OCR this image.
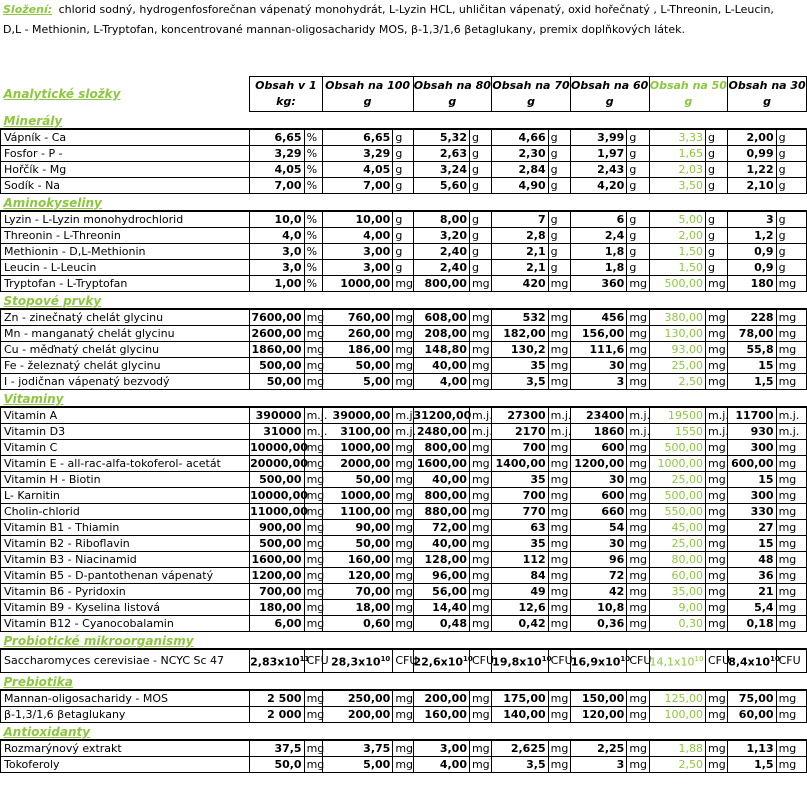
Složení: chlorid sodný, hydrogenfosforečnan vápenatý monohydrát, L-Lyzin HCL, uhličitan vápenatý, oxid hořečnatý , L-Threonin, L-Leucin,
D,L - Methionin, L-Tryptofan, koncentrované mannan-oligosacharidy MOS, β-1,3/1,6 βetaglukany, premix doplňkových látek.
Analytické složky	Obsah v 1 kg:		Obsah na 100 g		Obsah na 80 g		Obsah na 70 g		Obsah na 60 g		Obsah na 50 g		Obsah na 30 g	
Minerály														
Vápník - Ca	6,65	%	6,65	g	5,32	g	4,66	g	3,99	g	3,33	g	2,00	g
Fosfor - P -	3,29	%	3,29	g	2,63	g	2,30	g	1,97	g	1,65	g	0,99	g
Hořčík - Mg	4,05	%	4,05	g	3,24	g	2,84	g	2,43	g	2,03	g	1,22	g
Sodík - Na	7,00	%	7,00	g	5,60	g	4,90	g	4,20	g	3,50	g	2,10	g
Aminokyseliny														
Lyzin - L-Lyzin monohydrochlorid	10,0	%	10,00	g	8,00	g	7	g	6	g	5,00	g	3	g
Threonin - L-Threonin	4,0	%	4,00	g	3,20	g	2,8	g	2,4	g	2,00	g	1,2	g
Methionin - D,L-Methionin	3,0	%	3,00	g	2,40	g	2,1	g	1,8	g	1,50	g	0,9	g
Leucin - L-Leucin	3,0	%	3,00	g	2,40	g	2,1	g	1,8	g	1,50	g	0,9	g
Tryptofan - L-Tryptofan	1,00	%	1000,00	mg	800,00	mg	420	mg	360	mg	500,00	mg	180	mg
Stopové prvky														
Zn - zinečnatý chelát glycinu	7600,00	mg	760,00	mg	608,00	mg	532	mg	456	mg	380,00	mg	228	mg
Mn - manganatý chelát glycinu	2600,00	mg	260,00	mg	208,00	mg	182,00	mg	156,00	mg	130,00	mg	78,00	mg
Cu - měďnatý chelát glycinu	1860,00	mg	186,00	mg	148,80	mg	130,2	mg	111,6	mg	93,00	mg	55,8	mg
Fe - železnatý chelát glycinu	500,00	mg	50,00	mg	40,00	mg	35	mg	30	mg	25,00	mg	15	mg
I - jodičnan vápenatý bezvodý	50,00	mg	5,00	mg	4,00	mg	3,5	mg	3	mg	2,50	mg	1,5	mg
Vitaminy														
Vitamin A	390000	m.j.	39000,00	m.j.	31200,00	m.j.	27300	m.j.	23400	m.j.	19500	m.j.	11700	m.j.
Vitamin D3	31000	m.j.	3100,00	m.j.	2480,00	m.j.	2170	m.j.	1860	m.j.	1550	m.j.	930	m.j.
Vitamin C	10000,00	mg	1000,00	mg	800,00	mg	700	mg	600	mg	500,00	mg	300	mg
Vitamin E - all-rac-alfa-tokoferol- acetát	20000,00	mg	2000,00	mg	1600,00	mg	1400,00	mg	1200,00	mg	1000,00	mg	600,00	mg
Vitamin H - Biotin	500,00	mg	50,00	mg	40,00	mg	35	mg	30	mg	25,00	mg	15	mg
L- Karnitin	10000,00	mg	1000,00	mg	800,00	mg	700	mg	600	mg	500,00	mg	300	mg
Cholin-chlorid	11000,00	mg	1100,00	mg	880,00	mg	770	mg	660	mg	550,00	mg	330	mg
Vitamin B1 - Thiamin	900,00	mg	90,00	mg	72,00	mg	63	mg	54	mg	45,00	mg	27	mg
Vitamin B2 - Riboflavin	500,00	mg	50,00	mg	40,00	mg	35	mg	30	mg	25,00	mg	15	mg
Vitamin B3 - Niacinamid	1600,00	mg	160,00	mg	128,00	mg	112	mg	96	mg	80,00	mg	48	mg
Vitamin B5 - D-pantothenan vápenatý	1200,00	mg	120,00	mg	96,00	mg	84	mg	72	mg	60,00	mg	36	mg
Vitamin B6 - Pyridoxin	700,00	mg	70,00	mg	56,00	mg	49	mg	42	mg	35,00	mg	21	mg
Vitamin B9 - Kyselina listová	180,00	mg	18,00	mg	14,40	mg	12,6	mg	10,8	mg	9,00	mg	5,4	mg
Vitamin B12 - Cyanocobalamin	6,00	mg	0,60	mg	0,48	mg	0,42	mg	0,36	mg	0,30	mg	0,18	mg
Probiotické mikroorganismy														
Saccharomyces cerevisiae - NCYC Sc 47	$2,83x10^{11}$	CFU	$28,3x10^{10}$	CFU	$22,6x10^{10}$	CFU	$19,8x10^{10}$	CFU	$16,9x10^{10}$	CFU	$14,1x10^{10}$	CFU	$8,4x10^{10}$	CFU
Prebiotika														
Mannan-oligosacharidy - MOS	2 500	mg	250,00	mg	200,00	mg	175,00	mg	150,00	mg	125,00	mg	75,00	mg
β-1,3/1,6 βetaglukany	2 000	mg	200,00	mg	160,00	mg	140,00	mg	120,00	mg	100,00	mg	60,00	mg
Antioxidanty														
Rozmarýnový extrakt	37,5	mg	3,75	mg	3,00	mg	2,625	mg	2,25	mg	1,88	mg	1,13	mg
Tokoferoly	50,0	mg	5,00	mg	4,00	mg	3,5	mg	3	mg	2,50	mg	1,5	mg
